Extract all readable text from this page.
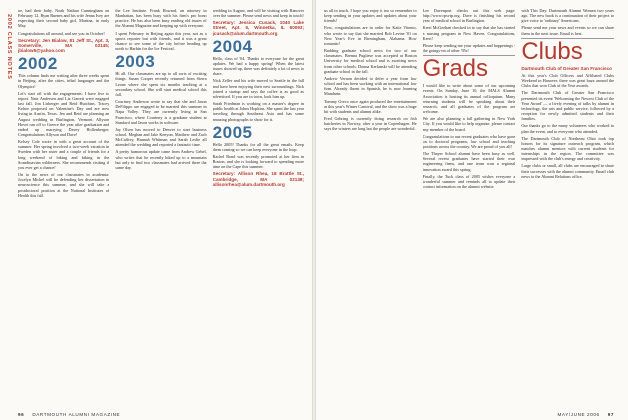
2002 CLASS NOTES

oe, had their baby, Noah Nathan Cunningham on February 12. Ryan Buenes and his wife Jenna Ivey are expecting their second baby girl, Martina, in early May.

Congratulations all around, and see you in October!

Secretary: Jen Bialow, 81 Jeff St., Apt. 3, Somerville, MA 02145; jbialow5@yahoo.com

2002

This column finds me writing after three weeks spent in Beijing, after the cities, tribal languages and the Olympics!

Let's start off with the engagements: I have five to report. Nate Andersen and Liz Garrett were engaged last fall. Jon Lisberger and Reid Hutchins. Tracey Kehoe proposed on Valentine's Day and are now living in Austin, Texas. Jen and Reid are planning an August wedding in Burlington, Vermont. Allyson Hovet ran off to Greece the year after graduation and ended up marrying Davey Hollenberger. Congratulations Allyson and Dave!

Kelsey Cole wrote in with a great account of the summer. Her spring involved a two-week vacation in Sweden with her sister and a couple of friends for a long weekend of hiking and biking in the Scandinavian wilderness. She recommends visiting if you ever get a chance!

On to the news of our classmates in academia: Jocelyn Michel will be defending her dissertation in neuroscience this summer, and she will take a postdoctoral position at the National Institutes of Health this fall.

the Lee Institute. Frank Howard, an attorney in Manhattan, has been busy with his firm's pro bono practice. He has also been busy reading old issues of the Alumni Magazine and keeping up with everyone.

I spent February in Beijing again this year, not as a sports reporter but with friends, and it was a great chance to see some of the city before heading up north to Harbin for the Ice Festival.

2003

Hi all. Our classmates are up to all sorts of exciting things. Susan Cooper recently returned from Sierra Leone where she spent six months teaching at a secondary school. She will start medical school this fall.

Courtney Anderson wrote to say that she and Jason DeFilippo are engaged to be married this summer in Napa Valley. They are currently living in San Francisco, where Courtney is a graduate student at Stanford and Jason works in software.

Jay Olsen has moved to Denver to start business school. Meghan and Jake Kenyon, Matthew and Zach McCaffrey, Hannah Whitman and Sarah Leslie all attended the wedding and reported a fantastic time.

A pretty humorous update came from Andrew Gebel, who writes that he recently hiked up to a mountain hut only to find two classmates had arrived there the same day.

wedding in August, and will be visiting with Hanover over the summer. Please send news and keep in touch!

Secretary: Jessica Cusack, 1040 Lake Street, Apt. 5, Winnetka, IL 60093; jcusack@alum.dartmouth.org

2004

Hello, class of '04. Thanks to everyone for the great updates. We had a happy spring! When the latest issues showed up, there was definitely a lot of news to share.

Nick Zeller and his wife moved to Seattle in the fall and have been enjoying their new surroundings. Nick joined a startup and says the coffee is as good as advertised. If you are in town, look him up.

Sarah Friedman is working on a master's degree in public health at Johns Hopkins. She spent the last year traveling through Southeast Asia and has some amazing photographs to show for it.

2005

Hello 2005! Thanks for all the great emails. Keep them coming so we can keep everyone in the loop.

Rachel Bond was recently promoted at her firm in Boston, and she is looking forward to spending more time on the Cape this summer.

Secretary: Allison Rhea, 18 Brattle St., Cambridge, MA 02138; allisonrhea@alum.dartmouth.org

96 DARTMOUTH ALUMNI MAGAZINE

us all in touch, I hope you enjoy it too so remember to keep sending in your updates and updates about your friends!

First, congratulations are in order for Katie Vitenio, who wrote to say that she married Bob Levine '01 on New Year's Eve in Birmingham, Alabama. How romantic!

Budding graduate school news for two of our classmates. Brenna Pugliese was accepted at Boston University for medical school and is awaiting news from other schools. Donna Kerlanski will be attending graduate school in the fall.

Andrew Vernon decided to defer a year from law school and has been working with an international law firm. Already fluent in Spanish, he is now learning Mandarin.

Tommy Greco once again produced the entertainment at this year's Winter Carnival, and the show was a huge hit with students and alumni alike.

Fred Gehring is currently doing research on fish hatcheries in Norway, after a year in Copenhagen. He says the winters are long but the people are wonderful.

Lee Davenport checks out this web page: http://www.rpsvtp.org. Dave is finishing his second year of medical school in Burlington.

Kerri McGeehan checked in to say that she has started a nursing program in New Haven. Congratulations, Kerri!

Please keep sending me your updates and happenings - the goings-on of other '05s!

Grads

I would like to write about some of our upcoming events. On Sunday, June 10, the MALS Alumni Association is hosting its annual colloquium. Many returning students will be speaking about their research, and all graduates of the program are welcome.

We are also planning a fall gathering in New York City. If you would like to help organize, please contact any member of the board.

Congratulations to our recent graduates who have gone on to doctoral programs, law school and teaching positions across the country. We are proud of you all!

The Thayer School alumni have been busy as well. Several recent graduates have started their own engineering firms, and one team won a regional innovation award this spring.

Finally, the Tuck class of 2005 wishes everyone a wonderful summer and reminds all to update their contact information on the alumni website.

with This Day: Dartmouth Alumni Women two years ago. The new book is a continuation of their project to give voice to 'ordinary' Americans.

Please send me your news and events so we can share them in the next issue. Email is best.

Clubs
Dartmouth Club of Greater San Francisco

At this year's Club Officers and Affiliated Clubs Weekend in Hanover, there was great buzz around the Clubs that won Club of the Year awards.

The Dartmouth Club of Greater San Francisco presented its event 'Welcoming the Newest Club of the Year Award' — a lively evening of talks by alumni in technology, the arts and public service, followed by a reception for newly admitted students and their families.

Our thanks go to the many volunteers who worked to plan the event, and to everyone who attended.

The Dartmouth Club of Northeast Ohio took top honors for its signature outreach program, which matches alumni mentors with current students for internships in the region. The committee was impressed with the club's energy and creativity.

Large clubs or small, all clubs are encouraged to share their successes with the alumni community. Email club news to the Alumni Relations office.

MAY/JUNE 2006 97
